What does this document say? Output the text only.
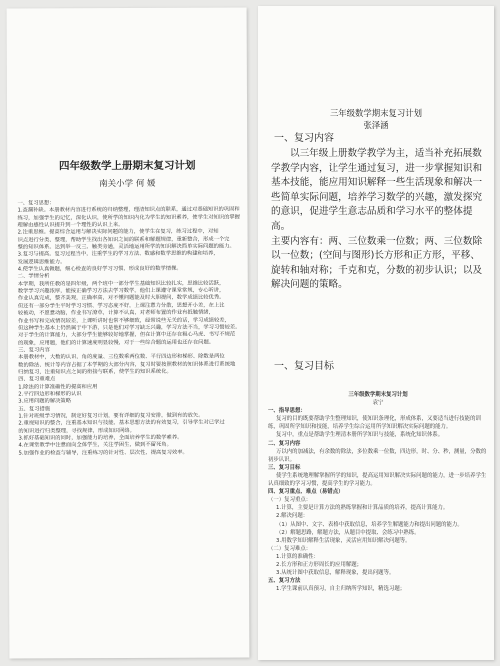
四年级数学上册期末复习计划
南关小学 何 媛

一、复习思想：

1.查漏补缺。本册教材内容进行系统的归纳整理，理清知识点的联系，通过对基础知识的巩固和

练习，加强学生的记忆，深化认识，使所学的知识内化为学生的知识素养，使学生对知识的掌握

理解由感性认识提升到一个理性的认识上来。

2.注重思维。提高综合运用与解决实际问题的能力，使学生在复习，练习过程中，对知

识点进行分类、整理，帮助学生找出各知识之间的联系和解题规律，重新整合，形成一个完

整的知识体系。达到举一反三、触类旁通，灵活地运用所学的知识解决简单实际问题的能力。

3.复习与提高。复习过程当中，注重学生的学习方法、数感和数学思维的构建和培养，

发展逻辑思维能力。

4.使学生认真做题，细心检查的良好学习习惯，形成良好的数学情操。

二、学情分析

本学期，我所任教的是四年级，两个班中一部分学生基础知识比较扎实，思维比较活跃，

数学学习兴趣浓厚，能按正确学习方法去学习数学。他们上课遵守课堂常规，专心听讲，

作业认真完成，整齐美观，正确率高，对不懂问题能及时大胆提问，数学成绩比较优秀。

但还有一部分学生平时学习习惯、学习态度不好，上课注意力分散，思想开小差，在上比

较被动，不愿意动脑，作业书写潦草，计算不认真，对老师布置的作业有抵触情绪，

作业书写和完成情况较差，上课听讲时也常不够细致，经常说些无关的话，学习成绩较差，

但这种学生基本上仍然属于中下游，只是他们对学习缺乏兴趣，学习方法不当，学习习惯较差。

对于学生的计算能力，大部分学生能够较好地掌握，但在计算中还存在粗心马虎、书写不规范

的现象，应用题，他们的计算速度明显较慢，对于一些综合题的运用也还存在问题。

三、复习内容

本册教材中，大数的认识、角的度量、三位数乘两位数、平行四边形和梯形、除数是两位

数的除法、统计等内容占据了本学期的大部分内容，复习时要按照教材的知识体系进行系统地

归纳复习，注重知识点之间的衔接与联系，使学生的知识系统化。

四、复习重难点

1.除法的计算准确性的提高和应用

2.平行四边形和梯形的认识

3.应用问题的解决策略

五、复习措施

1.针对班级学习情况，制定好复习计划，要有详细的复习安排，做到有的放矢。

2.重视知识的整合，注重基本知识与技能、基本思想方法的有效复习，引导学生对已学过

的知识进行归类整理，寻找规律，形成知识网络。

3.抓好基础知识的同时，加强能力的培养，全面培养学生的数学素养。

4.在课堂教学中注意面向全体学生，关注学困生，做到不留死角。

5.加强作业的检查与辅导，注重练习的针对性、层次性，提高复习效率。

三年级数学期末复习计划
张泽涵
一、复习内容

以三年级上册数学教学为主，适当补充拓展数学教学内容，让学生通过复习，进一步掌握知识和基本技能，能应用知识解释一些生活现象和解决一些简单实际问题，培养学习数学的兴趣，激发探究的意识，促进学生意志品质和学习水平的整体提高。

主要内容有：两、三位数乘一位数；两、三位数除以一位数；(空间与图形)长方形和正方形，平移、旋转和轴对称；千克和克，分数的初步认识；以及解决问题的策略。

一、复习目标

三年级数学期末复习计划

袁宁

一、指导思想：

复习的目的既要帮助学生整理知识，使知识条理化，形成体系，又要适当进行技能的训练，巩固所学知识和技能，培养学生综合运用所学知识解决实际问题的能力。

复习中，重点是帮助学生理清本册所学知识与技能，系统化知识体系。

二、复习内容

万以内的加减法，有余数的除法，多位数乘一位数，四边形，时、分、秒，测量，分数的初步认识。

三、复习目标

使学生系统地理解掌握所学的知识，提高运用知识解决实际问题的能力，进一步培养学生认真细致的学习习惯，提高学生的学习能力。

四、复习重点、难点（易错点）

（一）复习重点：

1.计算，主要是计算方法的熟练掌握和计算品质的培养，提高计算能力。

2.解决问题：

（1）从图中、文字、表格中获取信息，培养学生解题能力和提出问题的能力。

（2）解题思路，解题方法，从题目中提取、会练习中熟练。

3.用数学知识解释生活现象，灵活应用知识解决问题等。

（二）复习难点：

1.计算的准确性：

2.长方形和正方形周长的应用解题；

3.从统计图中获取信息，解释现象，提出问题等。

五、复习方法

1.学生课前认真预习，自主归纳所学知识，精选习题；
